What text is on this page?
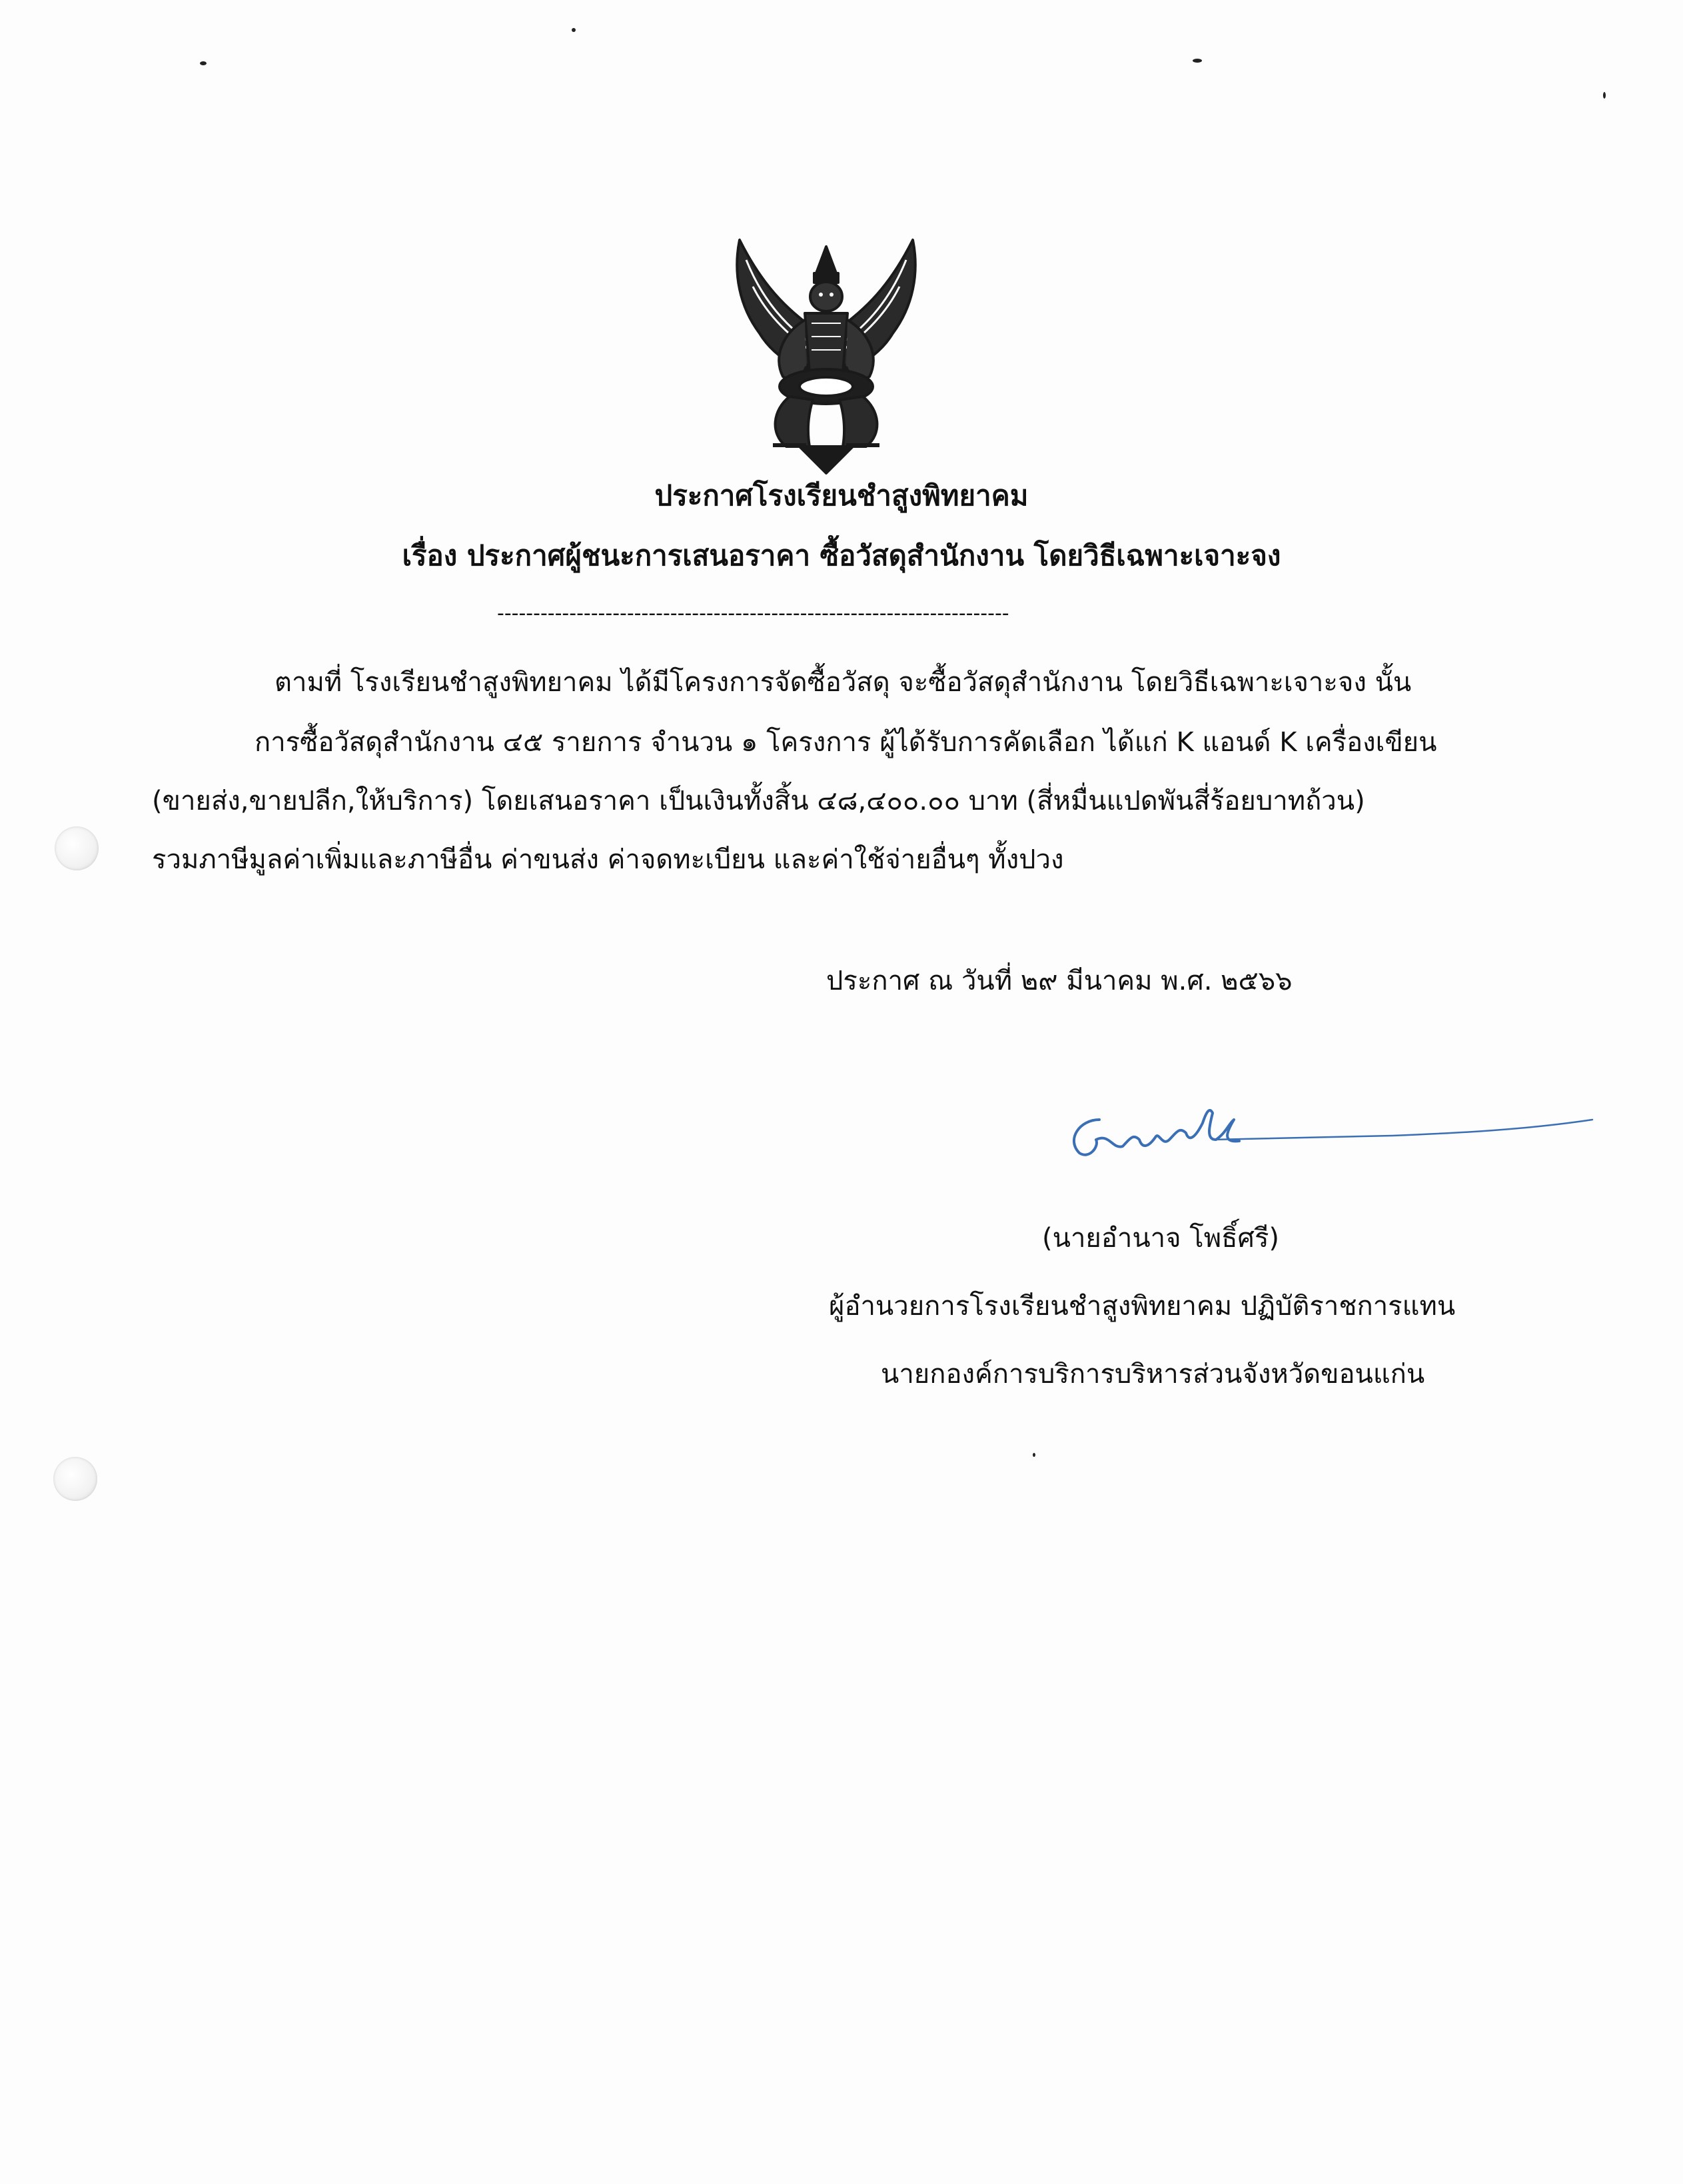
ประกาศโรงเรียนชำสูงพิทยาคม
เรื่อง ประกาศผู้ชนะการเสนอราคา ซื้อวัสดุสำนักงาน โดยวิธีเฉพาะเจาะจง
-----------------------------------------------------------------------
ตามที่ โรงเรียนชำสูงพิทยาคม ได้มีโครงการจัดซื้อวัสดุ จะซื้อวัสดุสำนักงาน โดยวิธีเฉพาะเจาะจง นั้น
การซื้อวัสดุสำนักงาน ๔๕ รายการ จำนวน ๑ โครงการ ผู้ได้รับการคัดเลือก ได้แก่ K แอนด์ K เครื่องเขียน
(ขายส่ง,ขายปลีก,ให้บริการ) โดยเสนอราคา เป็นเงินทั้งสิ้น ๔๘,๔๐๐.๐๐ บาท (สี่หมื่นแปดพันสี่ร้อยบาทถ้วน)
รวมภาษีมูลค่าเพิ่มและภาษีอื่น ค่าขนส่ง ค่าจดทะเบียน และค่าใช้จ่ายอื่นๆ ทั้งปวง
ประกาศ ณ วันที่ ๒๙ มีนาคม พ.ศ. ๒๕๖๖
(นายอำนาจ โพธิ์ศรี)
ผู้อำนวยการโรงเรียนชำสูงพิทยาคม ปฏิบัติราชการแทน
นายกองค์การบริการบริหารส่วนจังหวัดขอนแก่น
